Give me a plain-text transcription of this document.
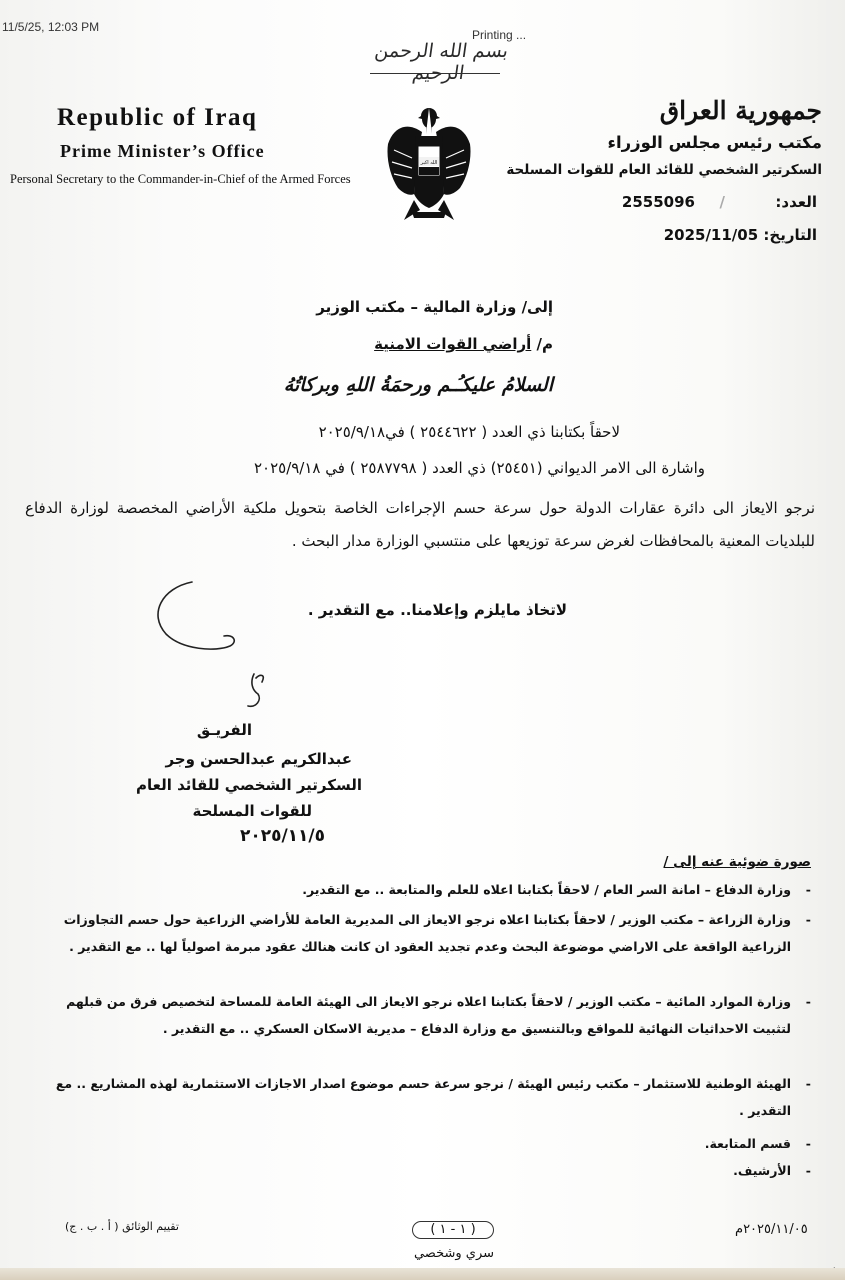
11/5/25, 12:03 PM
Printing ...
بسم الله الرحمن الرحيم
Republic of Iraq
Prime Minister’s Office
Personal Secretary to the Commander-in-Chief of the Armed Forces
الله اكبر
جمهورية العراق
مكتب رئيس مجلس الوزراء
السكرتير الشخصي للقائد العام للقوات المسلحة
العدد:  /  2555096
التاريخ: 2025/11/05
إلى/ وزارة المالية – مكتب الوزير
م/ أراضي القوات الامنية
السلامُ عليكـُـم ورحمَةُ اللهِ وبركاتُهُ
لاحقاً بكتابنا ذي العدد ( ٢٥٤٤٦٢٢ ) في٢٠٢٥/٩/١٨
واشارة الى الامر الديواني (٢٥٤٥١) ذي العدد ( ٢٥٨٧٧٩٨ ) في ٢٠٢٥/٩/١٨
نرجو الايعاز الى دائرة عقارات الدولة حول سرعة حسم الإجراءات الخاصة بتحويل ملكية الأراضي المخصصة لوزارة الدفاع للبلديات المعنية بالمحافظات لغرض سرعة توزيعها على منتسبي الوزارة مدار البحث .
لاتخاذ مايلزم وإعلامنا.. مع التقدير .
الفريـق
عبدالكريم عبدالحسن وجر
السكرتير الشخصي للقائد العام
للقوات المسلحة
٢٠٢٥/١١/٥
صورة ضوئية عنه إلى /
-
وزارة الدفاع – امانة السر العام / لاحقاً بكتابنا اعلاه للعلم والمتابعة .. مع التقدير.
-
وزارة الزراعة – مكتب الوزير / لاحقاً بكتابنا اعلاه نرجو الايعاز الى المديرية العامة للأراضي الزراعية حول حسم التجاوزات الزراعية الواقعة على الاراضي موضوعة البحث وعدم تجديد العقود ان كانت هنالك عقود مبرمة اصولياً لها .. مع التقدير .
-
وزارة الموارد المائية – مكتب الوزير / لاحقاً بكتابنا اعلاه نرجو الايعاز الى الهيئة العامة للمساحة لتخصيص فرق من قبلهم لتثبيت الاحداثيات النهائية للمواقع وبالتنسيق مع وزارة الدفاع – مديرية الاسكان العسكري .. مع التقدير .
-
الهيئة الوطنية للاستثمار – مكتب رئيس الهيئة / نرجو سرعة حسم موضوع اصدار الاجازات الاستثمارية لهذه المشاريع .. مع التقدير .
-
قسم المتابعة.
-
الأرشيف.
تقييم الوثائق ( أ . ب . ج)	( ١ - ١ )
سري وشخصي
٢٠٢٥/١١/٠٥م
